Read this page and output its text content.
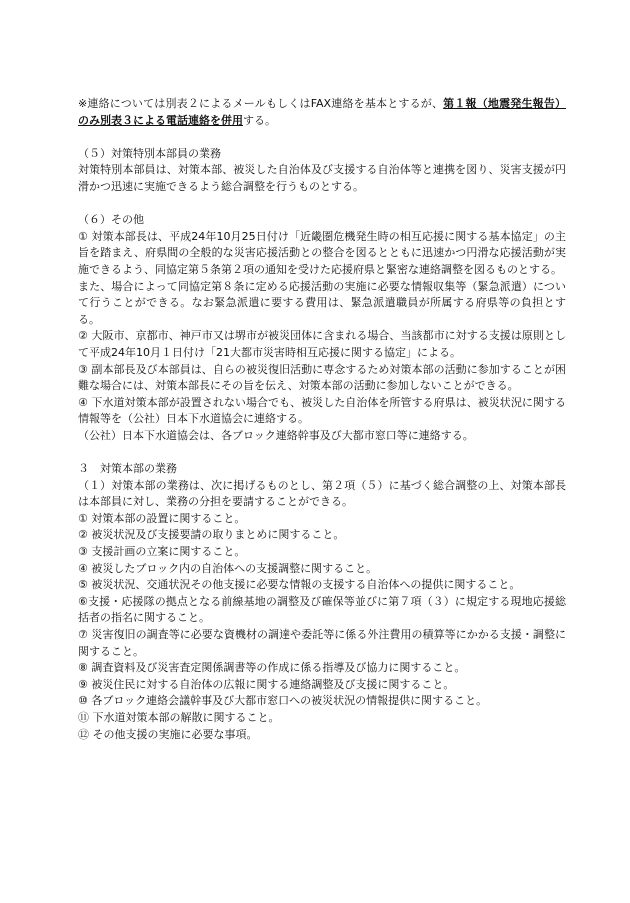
※連絡については別表２によるメールもしくはFAX連絡を基本とするが、第１報（地震発生報告）のみ別表３による電話連絡を併用する。

（５）対策特別本部員の業務

対策特別本部員は、対策本部、被災した自治体及び支援する自治体等と連携を図り、災害支援が円滑かつ迅速に実施できるよう総合調整を行うものとする。

（６）その他

① 対策本部長は、平成24年10月25日付け「近畿圏危機発生時の相互応援に関する基本協定」の主旨を踏まえ、府県間の全般的な災害応援活動との整合を図るとともに迅速かつ円滑な応援活動が実施できるよう、同協定第５条第２項の通知を受けた応援府県と緊密な連絡調整を図るものとする。

また、場合によって同協定第８条に定める応援活動の実施に必要な情報収集等（緊急派遣）について行うことができる。なお緊急派遣に要する費用は、緊急派遣職員が所属する府県等の負担とする。

② 大阪市、京都市、神戸市又は堺市が被災団体に含まれる場合、当該都市に対する支援は原則として平成24年10月１日付け「21大都市災害時相互応援に関する協定」による。

③ 副本部長及び本部員は、自らの被災復旧活動に専念するため対策本部の活動に参加することが困難な場合には、対策本部長にその旨を伝え、対策本部の活動に参加しないことができる。

④ 下水道対策本部が設置されない場合でも、被災した自治体を所管する府県は、被災状況に関する情報等を（公社）日本下水道協会に連絡する。

（公社）日本下水道協会は、各ブロック連絡幹事及び大都市窓口等に連絡する。

３　対策本部の業務

（１）対策本部の業務は、次に掲げるものとし、第２項（５）に基づく総合調整の上、対策本部長は本部員に対し、業務の分担を要請することができる。

① 対策本部の設置に関すること。

② 被災状況及び支援要請の取りまとめに関すること。

③ 支援計画の立案に関すること。

④ 被災したブロック内の自治体への支援調整に関すること。

⑤ 被災状況、交通状況その他支援に必要な情報の支援する自治体への提供に関すること。

⑥支援・応援隊の拠点となる前線基地の調整及び確保等並びに第７項（３）に規定する現地応援総括者の指名に関すること。

⑦ 災害復旧の調査等に必要な資機材の調達や委託等に係る外注費用の積算等にかかる支援・調整に関すること。

⑧ 調査資料及び災害査定関係調書等の作成に係る指導及び協力に関すること。

⑨ 被災住民に対する自治体の広報に関する連絡調整及び支援に関すること。

⑩ 各ブロック連絡会議幹事及び大都市窓口への被災状況の情報提供に関すること。

⑪ 下水道対策本部の解散に関すること。

⑫ その他支援の実施に必要な事項。
